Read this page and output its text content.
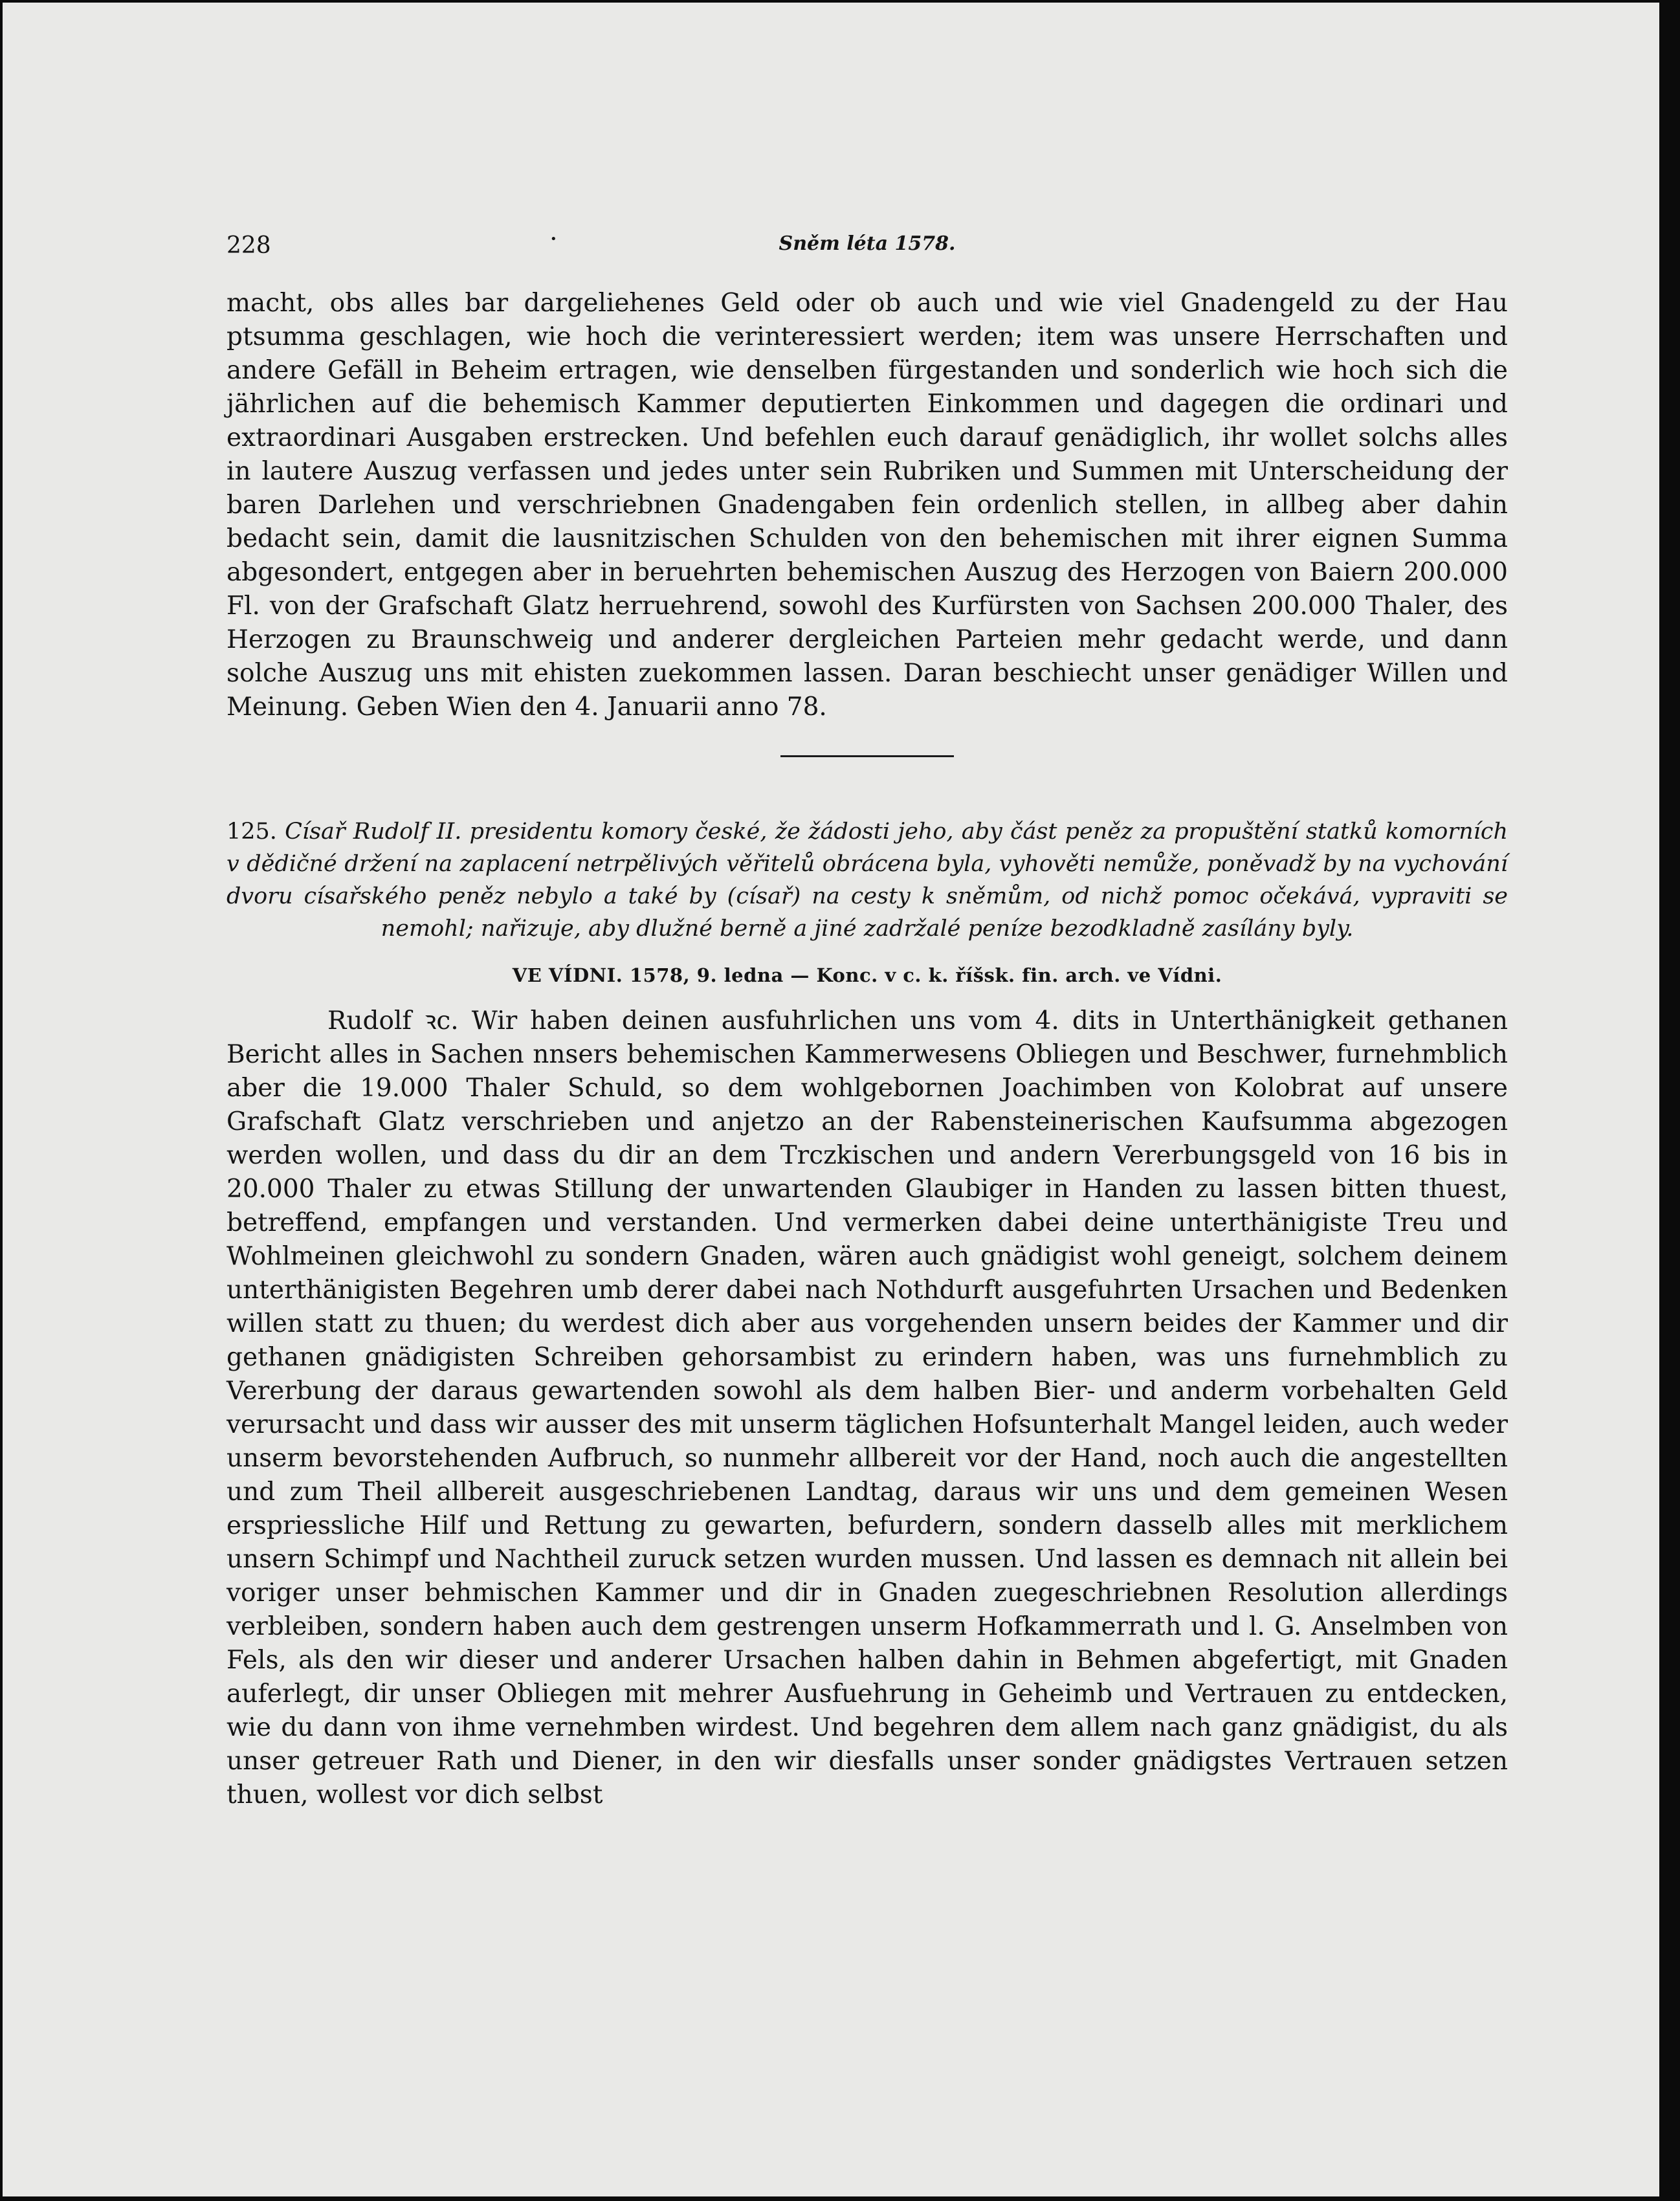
228	•	Sněm léta 1578.

macht, obs alles bar dargeliehenes Geld oder ob auch und wie viel Gnadengeld zu der Hau ptsumma geschlagen, wie hoch die verinteressiert werden; item was unsere Herrschaften und andere Gefäll in Beheim ertragen, wie denselben fürgestanden und sonderlich wie hoch sich die jährlichen auf die behemisch Kammer deputierten Einkommen und dagegen die ordinari und extraordinari Ausgaben erstrecken. Und befehlen euch darauf genädiglich, ihr wollet solchs alles in lautere Auszug verfassen und jedes unter sein Rubriken und Summen mit Unterscheidung der baren Darlehen und verschriebnen Gnadengaben fein ordenlich stellen, in allbeg aber dahin bedacht sein, damit die lausnitzischen Schulden von den behemischen mit ihrer eignen Summa abgesondert, entgegen aber in beruehrten behemischen Auszug des Herzogen von Baiern 200.000 Fl. von der Grafschaft Glatz herruehrend, sowohl des Kurfürsten von Sachsen 200.000 Thaler, des Herzogen zu Braunschweig und anderer dergleichen Parteien mehr gedacht werde, und dann solche Auszug uns mit ehisten zuekommen lassen. Daran beschiecht unser genädiger Willen und Meinung. Geben Wien den 4. Januarii anno 78.

125. Císař Rudolf II. presidentu komory české, že žádosti jeho, aby část peněz za propuštění statků komorních v dědičné držení na zaplacení netrpělivých věřitelů obrácena byla, vyhověti nemůže, poněvadž by na vychování dvoru císařského peněz nebylo a také by (císař) na cesty k sněmům, od nichž pomoc očekává, vypraviti se nemohl; nařizuje, aby dlužné berně a jiné zadržalé peníze bezodkladně zasílány byly.

VE VÍDNI. 1578, 9. ledna — Konc. v c. k. říšsk. fin. arch. ve Vídni.

Rudolf ꝛc. Wir haben deinen ausfuhrlichen uns vom 4. dits in Unterthänigkeit gethanen Bericht alles in Sachen nnsers behemischen Kammerwesens Obliegen und Beschwer, furnehmblich aber die 19.000 Thaler Schuld, so dem wohlgebornen Joachimben von Kolobrat auf unsere Grafschaft Glatz verschrieben und anjetzo an der Rabensteinerischen Kaufsumma abgezogen werden wollen, und dass du dir an dem Trczkischen und andern Vererbungsgeld von 16 bis in 20.000 Thaler zu etwas Stillung der unwartenden Glaubiger in Handen zu lassen bitten thuest, betreffend, empfangen und verstanden. Und vermerken dabei deine unterthänigiste Treu und Wohlmeinen gleichwohl zu sondern Gnaden, wären auch gnädigist wohl geneigt, solchem deinem unterthänigisten Begehren umb derer dabei nach Nothdurft ausgefuhrten Ursachen und Bedenken willen statt zu thuen; du werdest dich aber aus vorgehenden unsern beides der Kammer und dir gethanen gnädigisten Schreiben gehorsambist zu erindern haben, was uns furnehmblich zu Vererbung der daraus gewartenden sowohl als dem halben Bier- und anderm vorbehalten Geld verursacht und dass wir ausser des mit unserm täglichen Hofsunterhalt Mangel leiden, auch weder unserm bevorstehenden Aufbruch, so nunmehr allbereit vor der Hand, noch auch die angestellten und zum Theil allbereit ausgeschriebenen Landtag, daraus wir uns und dem gemeinen Wesen erspriessliche Hilf und Rettung zu gewarten, befurdern, sondern dasselb alles mit merklichem unsern Schimpf und Nachtheil zuruck setzen wurden mussen. Und lassen es demnach nit allein bei voriger unser behmischen Kammer und dir in Gnaden zuegeschriebnen Resolution allerdings verbleiben, sondern haben auch dem gestrengen unserm Hofkammerrath und l. G. Anselmben von Fels, als den wir dieser und anderer Ursachen halben dahin in Behmen abgefertigt, mit Gnaden auferlegt, dir unser Obliegen mit mehrer Ausfuehrung in Geheimb und Vertrauen zu entdecken, wie du dann von ihme vernehmben wirdest. Und begehren dem allem nach ganz gnädigist, du als unser getreuer Rath und Diener, in den wir diesfalls unser sonder gnädigstes Vertrauen setzen thuen, wollest vor dich selbst
